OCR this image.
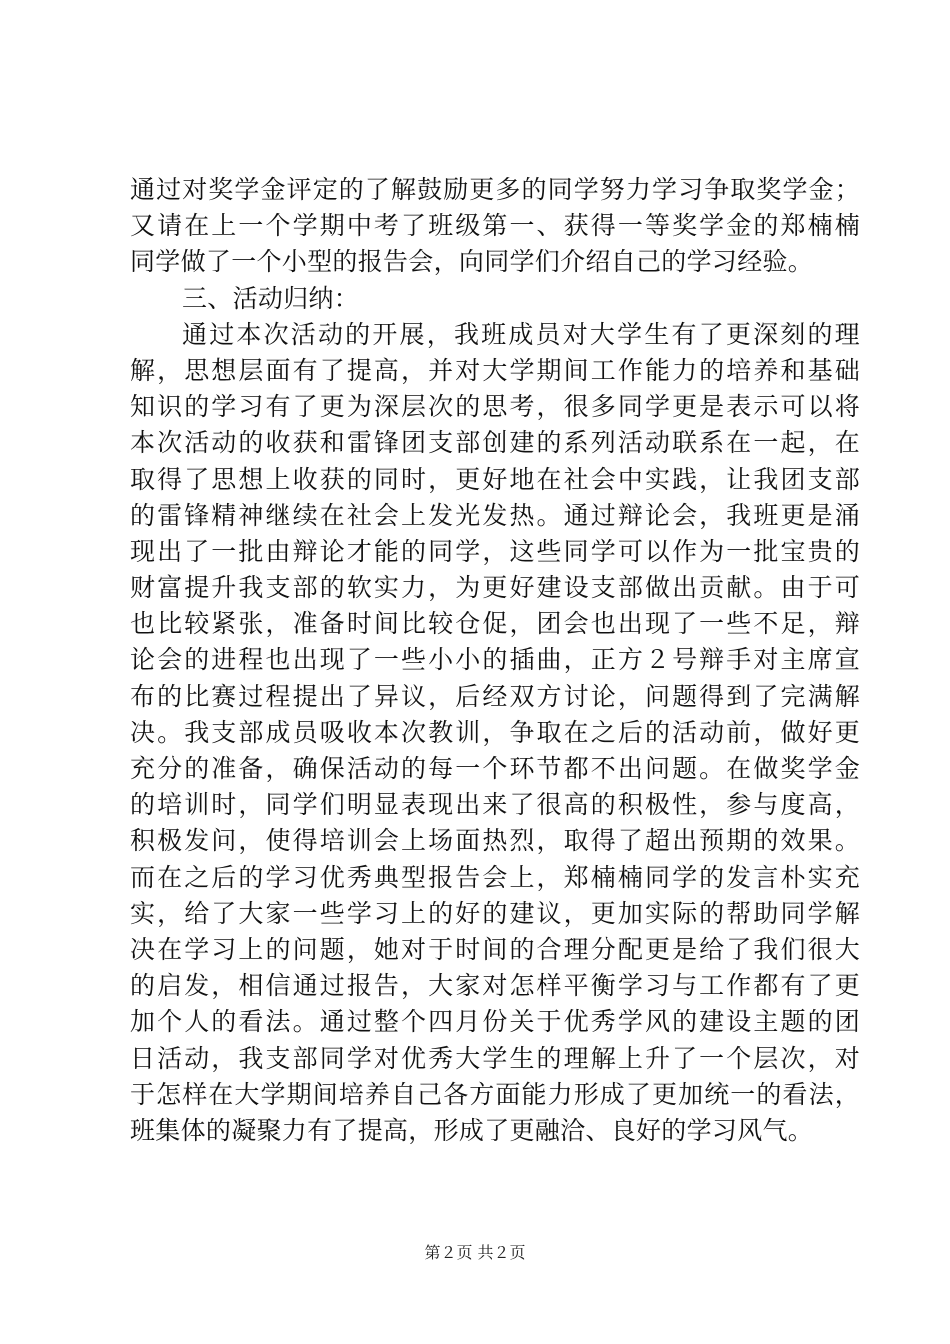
通过对奖学金评定的了解鼓励更多的同学努力学习争取奖学金；
又请在上一个学期中考了班级第一、获得一等奖学金的郑楠楠
同学做了一个小型的报告会，向同学们介绍自己的学习经验。
三、活动归纳：
通过本次活动的开展，我班成员对大学生有了更深刻的理
解，思想层面有了提高，并对大学期间工作能力的培养和基础
知识的学习有了更为深层次的思考，很多同学更是表示可以将
本次活动的收获和雷锋团支部创建的系列活动联系在一起，在
取得了思想上收获的同时，更好地在社会中实践，让我团支部
的雷锋精神继续在社会上发光发热。通过辩论会，我班更是涌
现出了一批由辩论才能的同学，这些同学可以作为一批宝贵的
财富提升我支部的软实力，为更好建设支部做出贡献。由于可
也比较紧张，准备时间比较仓促，团会也出现了一些不足，辩
论会的进程也出现了一些小小的插曲，正方２号辩手对主席宣
布的比赛过程提出了异议，后经双方讨论，问题得到了完满解
决。我支部成员吸收本次教训，争取在之后的活动前，做好更
充分的准备，确保活动的每一个环节都不出问题。在做奖学金
的培训时，同学们明显表现出来了很高的积极性，参与度高，
积极发问，使得培训会上场面热烈，取得了超出预期的效果。
而在之后的学习优秀典型报告会上，郑楠楠同学的发言朴实充
实，给了大家一些学习上的好的建议，更加实际的帮助同学解
决在学习上的问题，她对于时间的合理分配更是给了我们很大
的启发，相信通过报告，大家对怎样平衡学习与工作都有了更
加个人的看法。通过整个四月份关于优秀学风的建设主题的团
日活动，我支部同学对优秀大学生的理解上升了一个层次，对
于怎样在大学期间培养自己各方面能力形成了更加统一的看法，
班集体的凝聚力有了提高，形成了更融洽、良好的学习风气。
第２页 共２页
